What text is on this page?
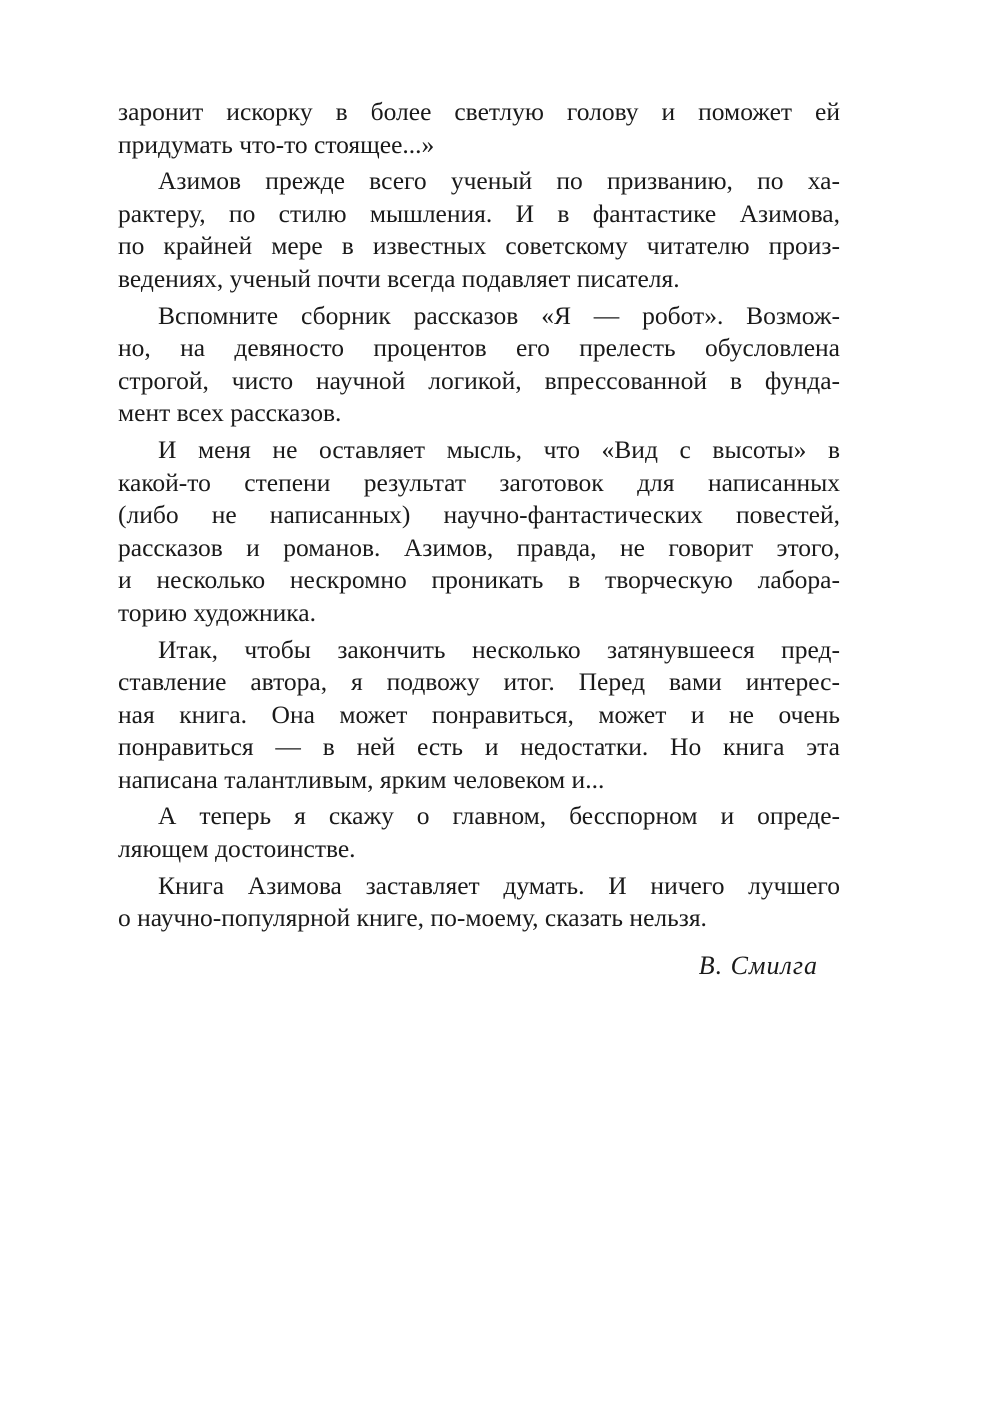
заронит искорку в более светлую голову и поможет ей
придумать что-то стоящее...»
Азимов прежде всего ученый по призванию, по ха-
рактеру, по стилю мышления. И в фантастике Азимова,
по крайней мере в известных советскому читателю произ-
ведениях, ученый почти всегда подавляет писателя.
Вспомните сборник рассказов «Я — робот». Возмож-
но, на девяносто процентов его прелесть обусловлена
строгой, чисто научной логикой, впрессованной в фунда-
мент всех рассказов.
И меня не оставляет мысль, что «Вид с высоты» в
какой-то степени результат заготовок для написанных
(либо не написанных) научно-фантастических повестей,
рассказов и романов. Азимов, правда, не говорит этого,
и несколько нескромно проникать в творческую лабора-
торию художника.
Итак, чтобы закончить несколько затянувшееся пред-
ставление автора, я подвожу итог. Перед вами интерес-
ная книга. Она может понравиться, может и не очень
понравиться — в ней есть и недостатки. Но книга эта
написана талантливым, ярким человеком и...
А теперь я скажу о главном, бесспорном и опреде-
ляющем достоинстве.
Книга Азимова заставляет думать. И ничего лучшего
о научно-популярной книге, по-моему, сказать нельзя.
В. Смилга
